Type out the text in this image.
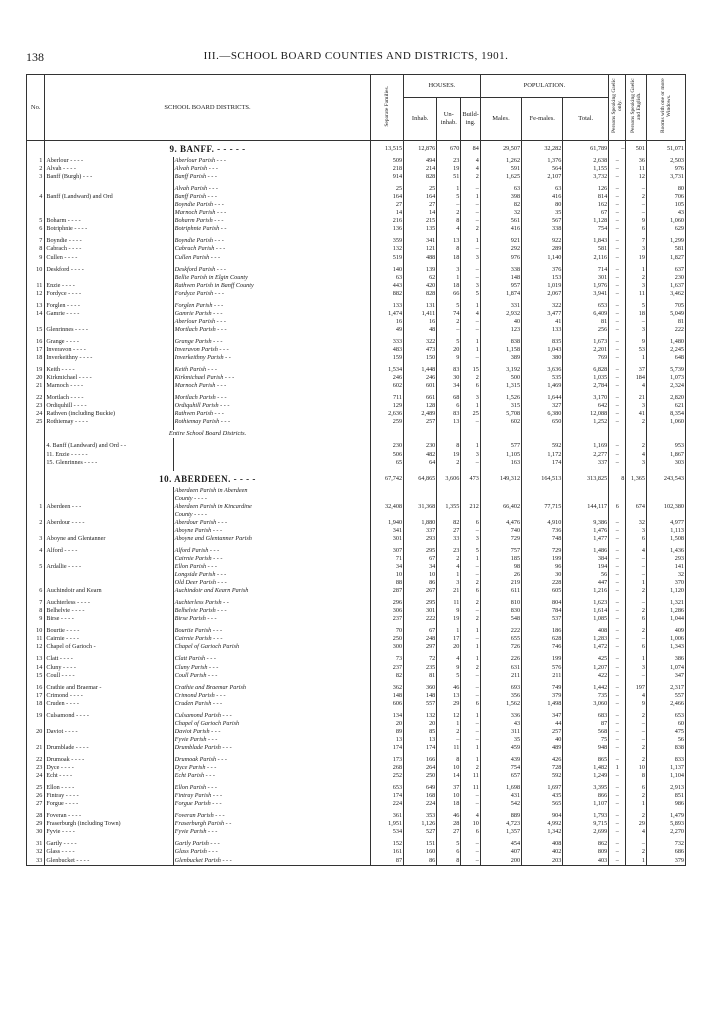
138	III.—SCHOOL BOARD COUNTIES AND DISTRICTS, 1901.
No.	SCHOOL BOARD DISTRICTS.		Separate Families.	HOUSES.			POPULATION.			Persons Speaking Gaelic only.	Persons Speaking Gaelic and English.	Rooms with one or more Windows.
				Inhab.	Un-inhab.	Build-ing.	Males.	Fe-males.	Total.			
	9. BANFF. - - - - -		13,515	12,876	670	84	29,507	32,282	61,789	–	501	51,071
1	Aberlour - - - -	Aberlour Parish - - -	509	494	23	4	1,262	1,376	2,638	–	36	2,503
2	Alvah - - - -	Alvah Parish - - -	218	214	19	4	591	564	1,155	–	11	976
3	Banff (Burgh) - - -	Banff Parish - - -	914	828	51	2	1,625	2,107	3,732	–	12	3,731

		Alvah Parish - - -	25	25	1	–	63	63	126	–	–	80
4	Banff (Landward) and Ord	Banff Parish - - -	164	164	5	1	398	416	814	–	2	706
		Boyndie Parish - - -	27	27	–	–	82	80	162	–	–	105
		Marnoch Parish - - -	14	14	2	–	32	35	67	–	–	43
5	Boharm - - - -	Boharm Parish - - -	216	215	8	–	561	567	1,128	–	9	1,060
6	Botriphnie - - - -	Botriphnie Parish - -	136	135	4	2	416	338	754	–	6	629

7	Boyndie - - - -	Boyndie Parish - - -	359	341	13	1	921	922	1,843	–	7	1,299
8	Cabrach - - - -	Cabrach Parish - - -	132	121	8	–	292	289	581	–	3	581
9	Cullen - - - -	Cullen Parish - - -	519	488	18	3	976	1,140	2,116	–	19	1,827

10	Deskford - - - -	Deskford Parish - - -	140	139	3	–	338	376	714	–	1	637
		Bellie Parish in Elgin County	63	62	1	–	148	153	301	–	2	230
11	Enzie - - - -	Rathven Parish in Banff County	443	420	18	3	957	1,019	1,976	–	3	1,637
12	Fordyce - - - -	Fordyce Parish - - -	882	828	66	5	1,874	2,067	3,941	–	11	3,462

13	Forglen - - - -	Forglen Parish - - -	133	131	5	1	331	322	653	–	5	705
14	Gamrie - - - -	Gamrie Parish - - -	1,474	1,411	74	4	2,932	3,477	6,409	–	18	5,049
		Aberlour Parish - - -	16	16	2	–	40	41	81	–	–	81
15	Glenrinnes - - - -	Mortlach Parish - - -	49	48	–	–	123	133	256	–	3	222

16	Grange - - - -	Grange Parish - - -	333	322	5	1	838	835	1,673	–	9	1,480
17	Inveravon - - - -	Inveravon Parish - - -	483	473	20	1	1,158	1,043	2,201	–	53	2,245
18	Inverkeithny - - - -	Inverkeithny Parish - -	159	150	9	–	389	380	769	–	1	648

19	Keith - - - -	Keith Parish - - -	1,534	1,448	83	15	3,192	3,636	6,828	–	37	5,739
20	Kirkmichael - - - -	Kirkmichael Parish - - -	246	246	30	2	500	535	1,035	–	184	1,073
21	Marnoch - - - -	Marnoch Parish - - -	602	601	34	6	1,315	1,469	2,784	–	4	2,324

22	Mortlach - - - -	Mortlach Parish - - -	711	661	68	3	1,526	1,644	3,170	–	21	2,820
23	Ordiquhill - - - -	Ordiquhill Parish - - -	129	128	6	1	315	327	642	–	3	621
24	Rathven (including Buckie)	Rathven Parish - - -	2,636	2,489	83	25	5,708	6,380	12,088	–	41	8,354
25	Rothiemay - - - -	Rothiemay Parish - - -	259	257	13	–	602	650	1,252	–	2	1,060

	Entire School Board Districts.											

	4. Banff (Landward) and Ord - -		230	230	8	1	577	592	1,169	–	2	953
	11. Enzie - - - - -		506	482	19	3	1,105	1,172	2,277	–	4	1,867
	15. Glenrinnes - - - -		65	64	2	–	163	174	337	–	3	303

	10. ABERDEEN. - - - -		67,742	64,865	3,606	473	149,312	164,513	313,825	8	1,365	243,543
		Aberdeen Parish in Aberdeen										
		County - - - -										
1	Aberdeen - - -	Aberdeen Parish in Kincardine	32,408	31,368	1,355	212	66,402	77,715	144,117	6	674	102,380
		County - - - -										
2	Aberdour - - - -	Aberdour Parish - - -	1,940	1,880	82	6	4,476	4,910	9,386	–	32	4,977
		Aboyne Parish - - -	341	337	27	–	740	736	1,476	–	3	1,113
3	Aboyne and Glentanner	Aboyne and Glentanner Parish	301	293	33	3	729	748	1,477	–	6	1,508

4	Alford - - - -	Alford Parish - - -	307	295	23	5	757	729	1,486	–	4	1,436
		Cairnie Parish - - -	71	67	2	1	185	199	384	–	–	293
5	Ardallie - - - -	Ellon Parish - - -	34	34	4	–	98	96	194	–	–	141
		Longside Parish - - -	10	10	1	–	26	30	56	–	–	32
		Old Deer Parish - - -	88	86	3	2	219	228	447	–	1	370
6	Auchindoir and Kearn	Auchindoir and Kearn Parish	287	267	21	6	611	605	1,216	–	2	1,120

7	Auchterless - - - -	Auchterless Parish - -	296	295	11	2	810	804	1,623	–	–	1,321
8	Belhelvie - - - -	Belhelvie Parish - - -	306	301	9	–	830	784	1,614	–	2	1,286
9	Birse - - - -	Birse Parish - - -	237	222	19	2	548	537	1,085	–	6	1,044

10	Bourtie - - - -	Bourtie Parish - - -	70	67	1	1	222	186	408	–	2	409
11	Cairnie - - - -	Cairnie Parish - - -	250	248	17	–	655	628	1,283	–	–	1,006
12	Chapel of Garioch -	Chapel of Garioch Parish	300	297	20	1	726	746	1,472	–	6	1,343

13	Clatt - - - -	Clatt Parish - - -	73	72	4	1	226	199	425	–	1	386
14	Cluny - - - -	Cluny Parish - - -	237	235	9	2	631	576	1,207	–	3	1,074
15	Coull - - - -	Coull Parish - - -	82	81	5	–	211	211	422	–	–	347

16	Crathie and Braemar -	Crathie and Braemar Parish	362	360	46	–	693	749	1,442	–	197	2,317
17	Crimond - - - -	Crimond Parish - - -	148	148	13	–	356	379	735	–	4	557
18	Cruden - - - -	Cruden Parish - - -	606	557	29	6	1,562	1,498	3,060	–	9	2,466

19	Culsamond - - - -	Culsamond Parish - - -	134	132	12	1	336	347	683	–	2	653
		Chapel of Garioch Parish	20	20	1	–	43	44	87	–	–	60
20	Daviot - - - -	Daviot Parish - - -	89	85	2	–	311	257	568	–	–	475
		Fyvie Parish - - -	13	13	–	–	35	40	75	–	–	56
21	Drumblade - - - -	Drumblade Parish - - -	174	174	11	1	459	489	948	–	2	838

22	Drumoak - - - -	Drumoak Parish - - -	173	166	8	1	439	426	865	–	2	833
23	Dyce - - - -	Dyce Parish - - -	268	264	10	2	754	728	1,482	1	10	1,137
24	Echt - - - -	Echt Parish - - -	252	250	14	11	657	592	1,249	–	8	1,104

25	Ellon - - - -	Ellon Parish - - -	653	649	37	11	1,698	1,697	3,395	–	6	2,913
26	Fintray - - - -	Fintray Parish - - -	174	168	10	–	431	435	866	–	2	851
27	Forgue - - - -	Forgue Parish - - -	224	224	18	–	542	565	1,107	–	1	986

28	Foveran - - - -	Foveran Parish - - -	361	353	46	4	889	904	1,793	–	2	1,479
29	Fraserburgh (including Town)	Fraserburgh Parish - -	1,951	1,126	28	10	4,723	4,992	9,715	–	29	5,893
30	Fyvie - - - -	Fyvie Parish - - -	534	527	27	6	1,357	1,342	2,699	–	4	2,270

31	Gartly - - - -	Gartly Parish - - -	152	151	5	–	454	408	862	–	–	732
32	Glass - - - -	Glass Parish - - -	161	160	6	–	407	402	809	–	2	686
33	Glenbucket - - - -	Glenbucket Parish - - -	87	86	8	–	200	203	403	–	1	379
